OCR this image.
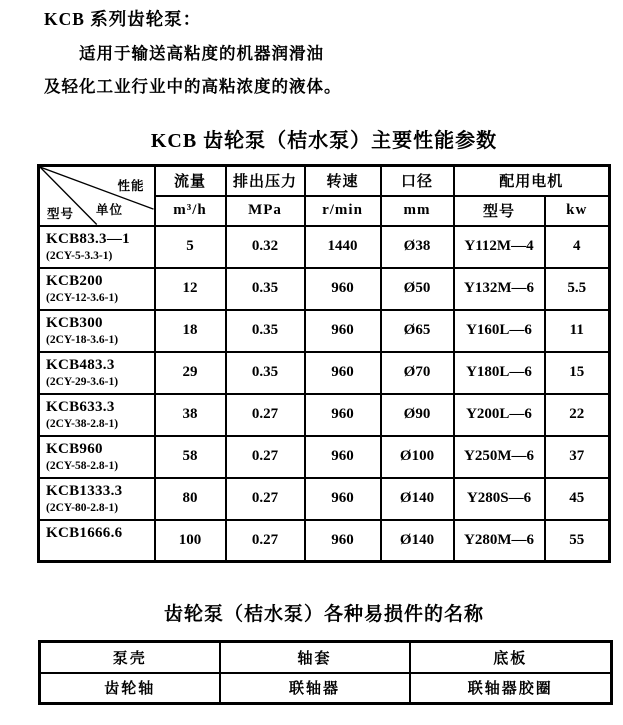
KCB 系列齿轮泵：
适用于输送高粘度的机器润滑油
及轻化工业行业中的高粘浓度的液体。
KCB 齿轮泵（桔水泵）主要性能参数
性能
单位
型号	流量	排出压力	转速	口径	配用电机	
	m³/h	MPa	r/min	mm	型号	kw

KCB83.3—1
(2CY-5-3.3-1)	5	0.32	1440	Ø38	Y112M—4	4

KCB200
(2CY-12-3.6-1)	12	0.35	960	Ø50	Y132M—6	5.5

KCB300
(2CY-18-3.6-1)	18	0.35	960	Ø65	Y160L—6	11

KCB483.3
(2CY-29-3.6-1)	29	0.35	960	Ø70	Y180L—6	15

KCB633.3
(2CY-38-2.8-1)	38	0.27	960	Ø90	Y200L—6	22

KCB960
(2CY-58-2.8-1)	58	0.27	960	Ø100	Y250M—6	37

KCB1333.3
(2CY-80-2.8-1)	80	0.27	960	Ø140	Y280S—6	45

KCB1666.6	100	0.27	960	Ø140	Y280M—6	55
齿轮泵（桔水泵）各种易损件的名称
泵壳	轴套	底板
齿轮轴	联轴器	联轴器胶圈
